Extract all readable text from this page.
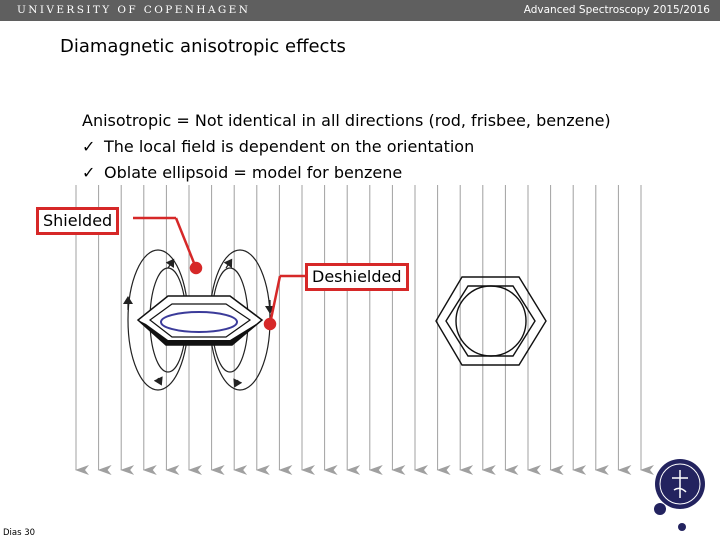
UNIVERSITY OF COPENHAGEN	Advanced Spectroscopy 2015/2016
Diamagnetic anisotropic effects
Anisotropic = Not identical in all directions (rod, frisbee, benzene)
✓ The local field is dependent on the orientation
✓ Oblate ellipsoid = model for benzene
Shielded
Deshielded
Dias 30
